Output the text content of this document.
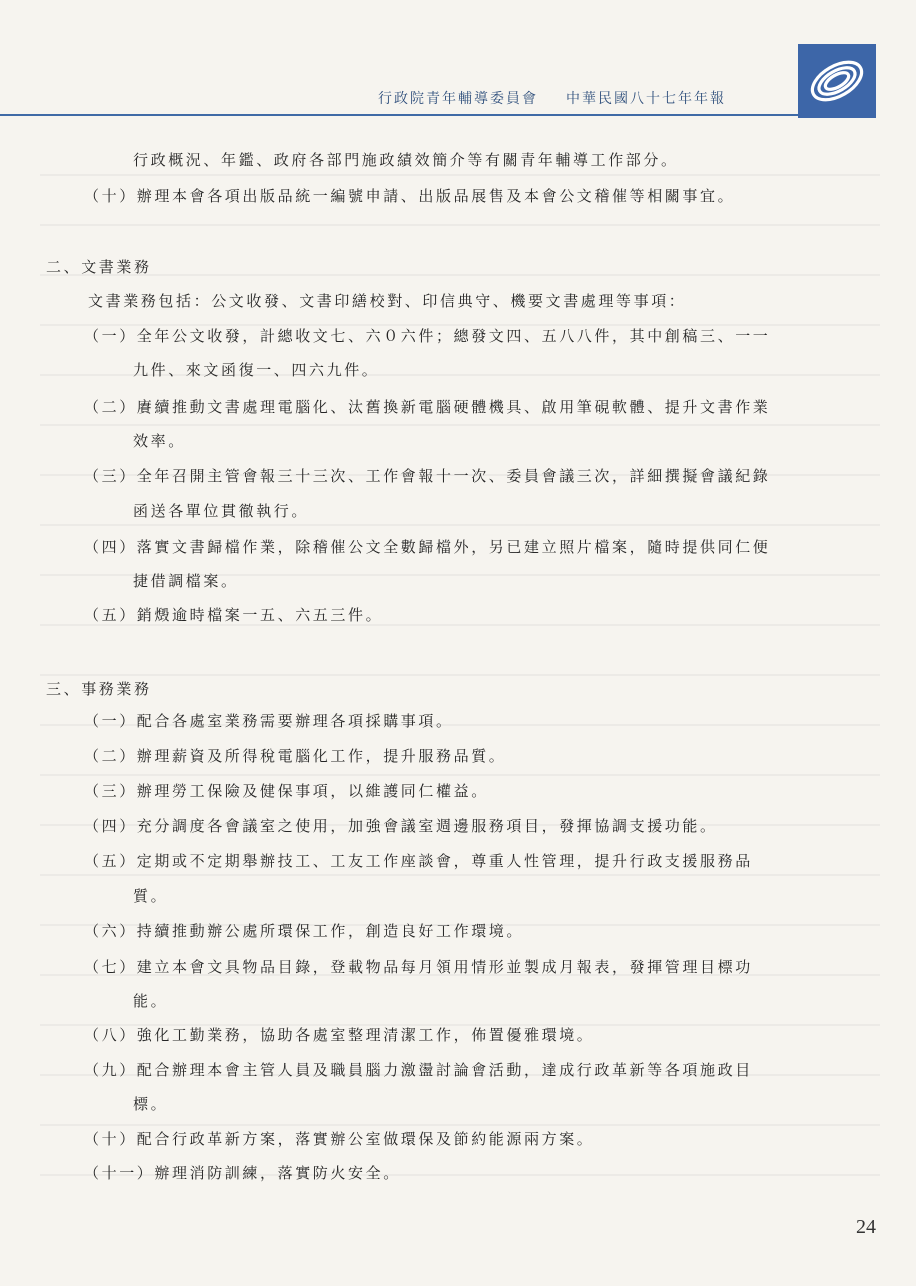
行政院青年輔導委員會 中華民國八十七年年報
行政概況、年鑑、政府各部門施政績效簡介等有關青年輔導工作部分。
（十）辦理本會各項出版品統一編號申請、出版品展售及本會公文稽催等相關事宜。
二、文書業務
文書業務包括：公文收發、文書印繕校對、印信典守、機要文書處理等事項：
（一）全年公文收發，計總收文七、六０六件；總發文四、五八八件，其中創稿三、一一
九件、來文函復一、四六九件。
（二）賡續推動文書處理電腦化、汰舊換新電腦硬體機具、啟用筆硯軟體、提升文書作業
效率。
（三）全年召開主管會報三十三次、工作會報十一次、委員會議三次，詳細撰擬會議紀錄
函送各單位貫徹執行。
（四）落實文書歸檔作業，除稽催公文全數歸檔外，另已建立照片檔案，隨時提供同仁便
捷借調檔案。
（五）銷燬逾時檔案一五、六五三件。
三、事務業務
（一）配合各處室業務需要辦理各項採購事項。
（二）辦理薪資及所得稅電腦化工作，提升服務品質。
（三）辦理勞工保險及健保事項，以維護同仁權益。
（四）充分調度各會議室之使用，加強會議室週邊服務項目，發揮協調支援功能。
（五）定期或不定期舉辦技工、工友工作座談會，尊重人性管理，提升行政支援服務品
質。
（六）持續推動辦公處所環保工作，創造良好工作環境。
（七）建立本會文具物品目錄，登載物品每月領用情形並製成月報表，發揮管理目標功
能。
（八）強化工勤業務，協助各處室整理清潔工作，佈置優雅環境。
（九）配合辦理本會主管人員及職員腦力激盪討論會活動，達成行政革新等各項施政目
標。
（十）配合行政革新方案，落實辦公室做環保及節約能源兩方案。
（十一）辦理消防訓練，落實防火安全。
24
